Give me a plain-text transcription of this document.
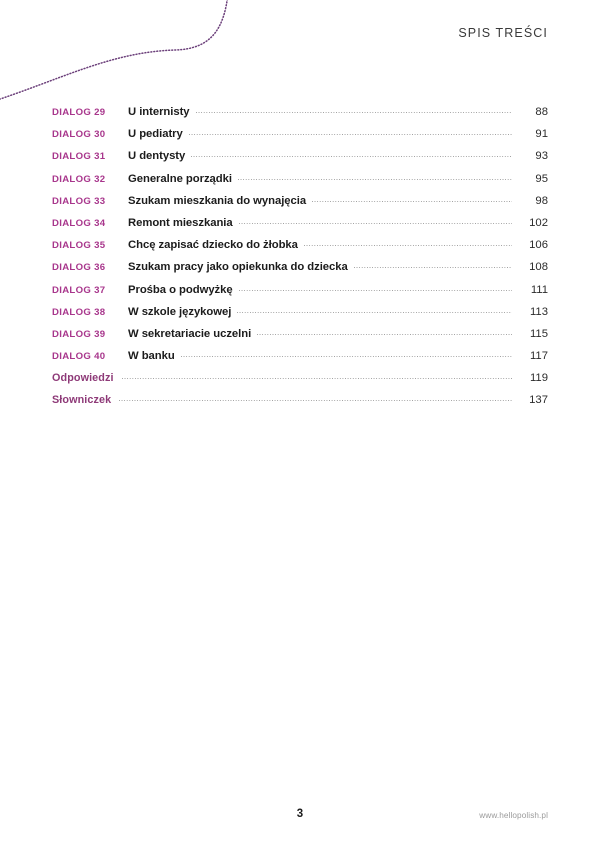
SPIS TREŚCI
DIALOG 29	U internisty	88
DIALOG 30	U pediatry	91
DIALOG 31	U dentysty	93
DIALOG 32	Generalne porządki	95
DIALOG 33	Szukam mieszkania do wynajęcia	98
DIALOG 34	Remont mieszkania	102
DIALOG 35	Chcę zapisać dziecko do żłobka	106
DIALOG 36	Szukam pracy jako opiekunka do dziecka	108
DIALOG 37	Prośba o podwyżkę	111
DIALOG 38	W szkole językowej	113
DIALOG 39	W sekretariacie uczelni	115
DIALOG 40	W banku	117
Odpowiedzi	119
Słowniczek	137
3	www.hellopolish.pl
